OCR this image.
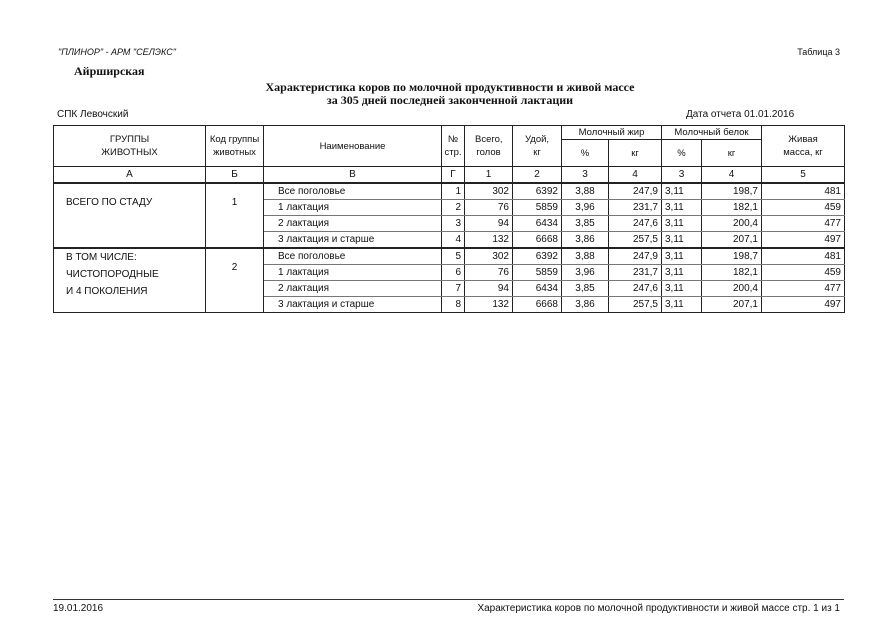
"ПЛИНОР" - АРМ "СЕЛЭКС"	Таблица 3
Айрширская
Характеристика коров по молочной продуктивности и живой массе
за 305 дней последней законченной лактации
СПК Левочский	Дата отчета 01.01.2016
ГРУППЫ ЖИВОТНЫХ	Код группы животных	Наименование	№ стр.	Всего, голов	Удой, кг	Молочный жир		Молочный белок		Живая масса, кг
						%	кг	%	кг	
А	Б	В	Г	1	2	3	4	3	4	5

ВСЕГО ПО СТАДУ	1	Все поголовье	1	302	6392	3,88	247,9	3,11	198,7	481
		1 лактация	2	76	5859	3,96	231,7	3,11	182,1	459
		2 лактация	3	94	6434	3,85	247,6	3,11	200,4	477
		3 лактация и старше	4	132	6668	3,86	257,5	3,11	207,1	497

В ТОМ ЧИСЛЕ:
ЧИСТОПОРОДНЫЕ
И 4 ПОКОЛЕНИЯ	2	Все поголовье	5	302	6392	3,88	247,9	3,11	198,7	481
		1 лактация	6	76	5859	3,96	231,7	3,11	182,1	459
		2 лактация	7	94	6434	3,85	247,6	3,11	200,4	477
		3 лактация и старше	8	132	6668	3,86	257,5	3,11	207,1	497
19.01.2016	Характеристика коров по молочной продуктивности и живой массе стр. 1 из 1
